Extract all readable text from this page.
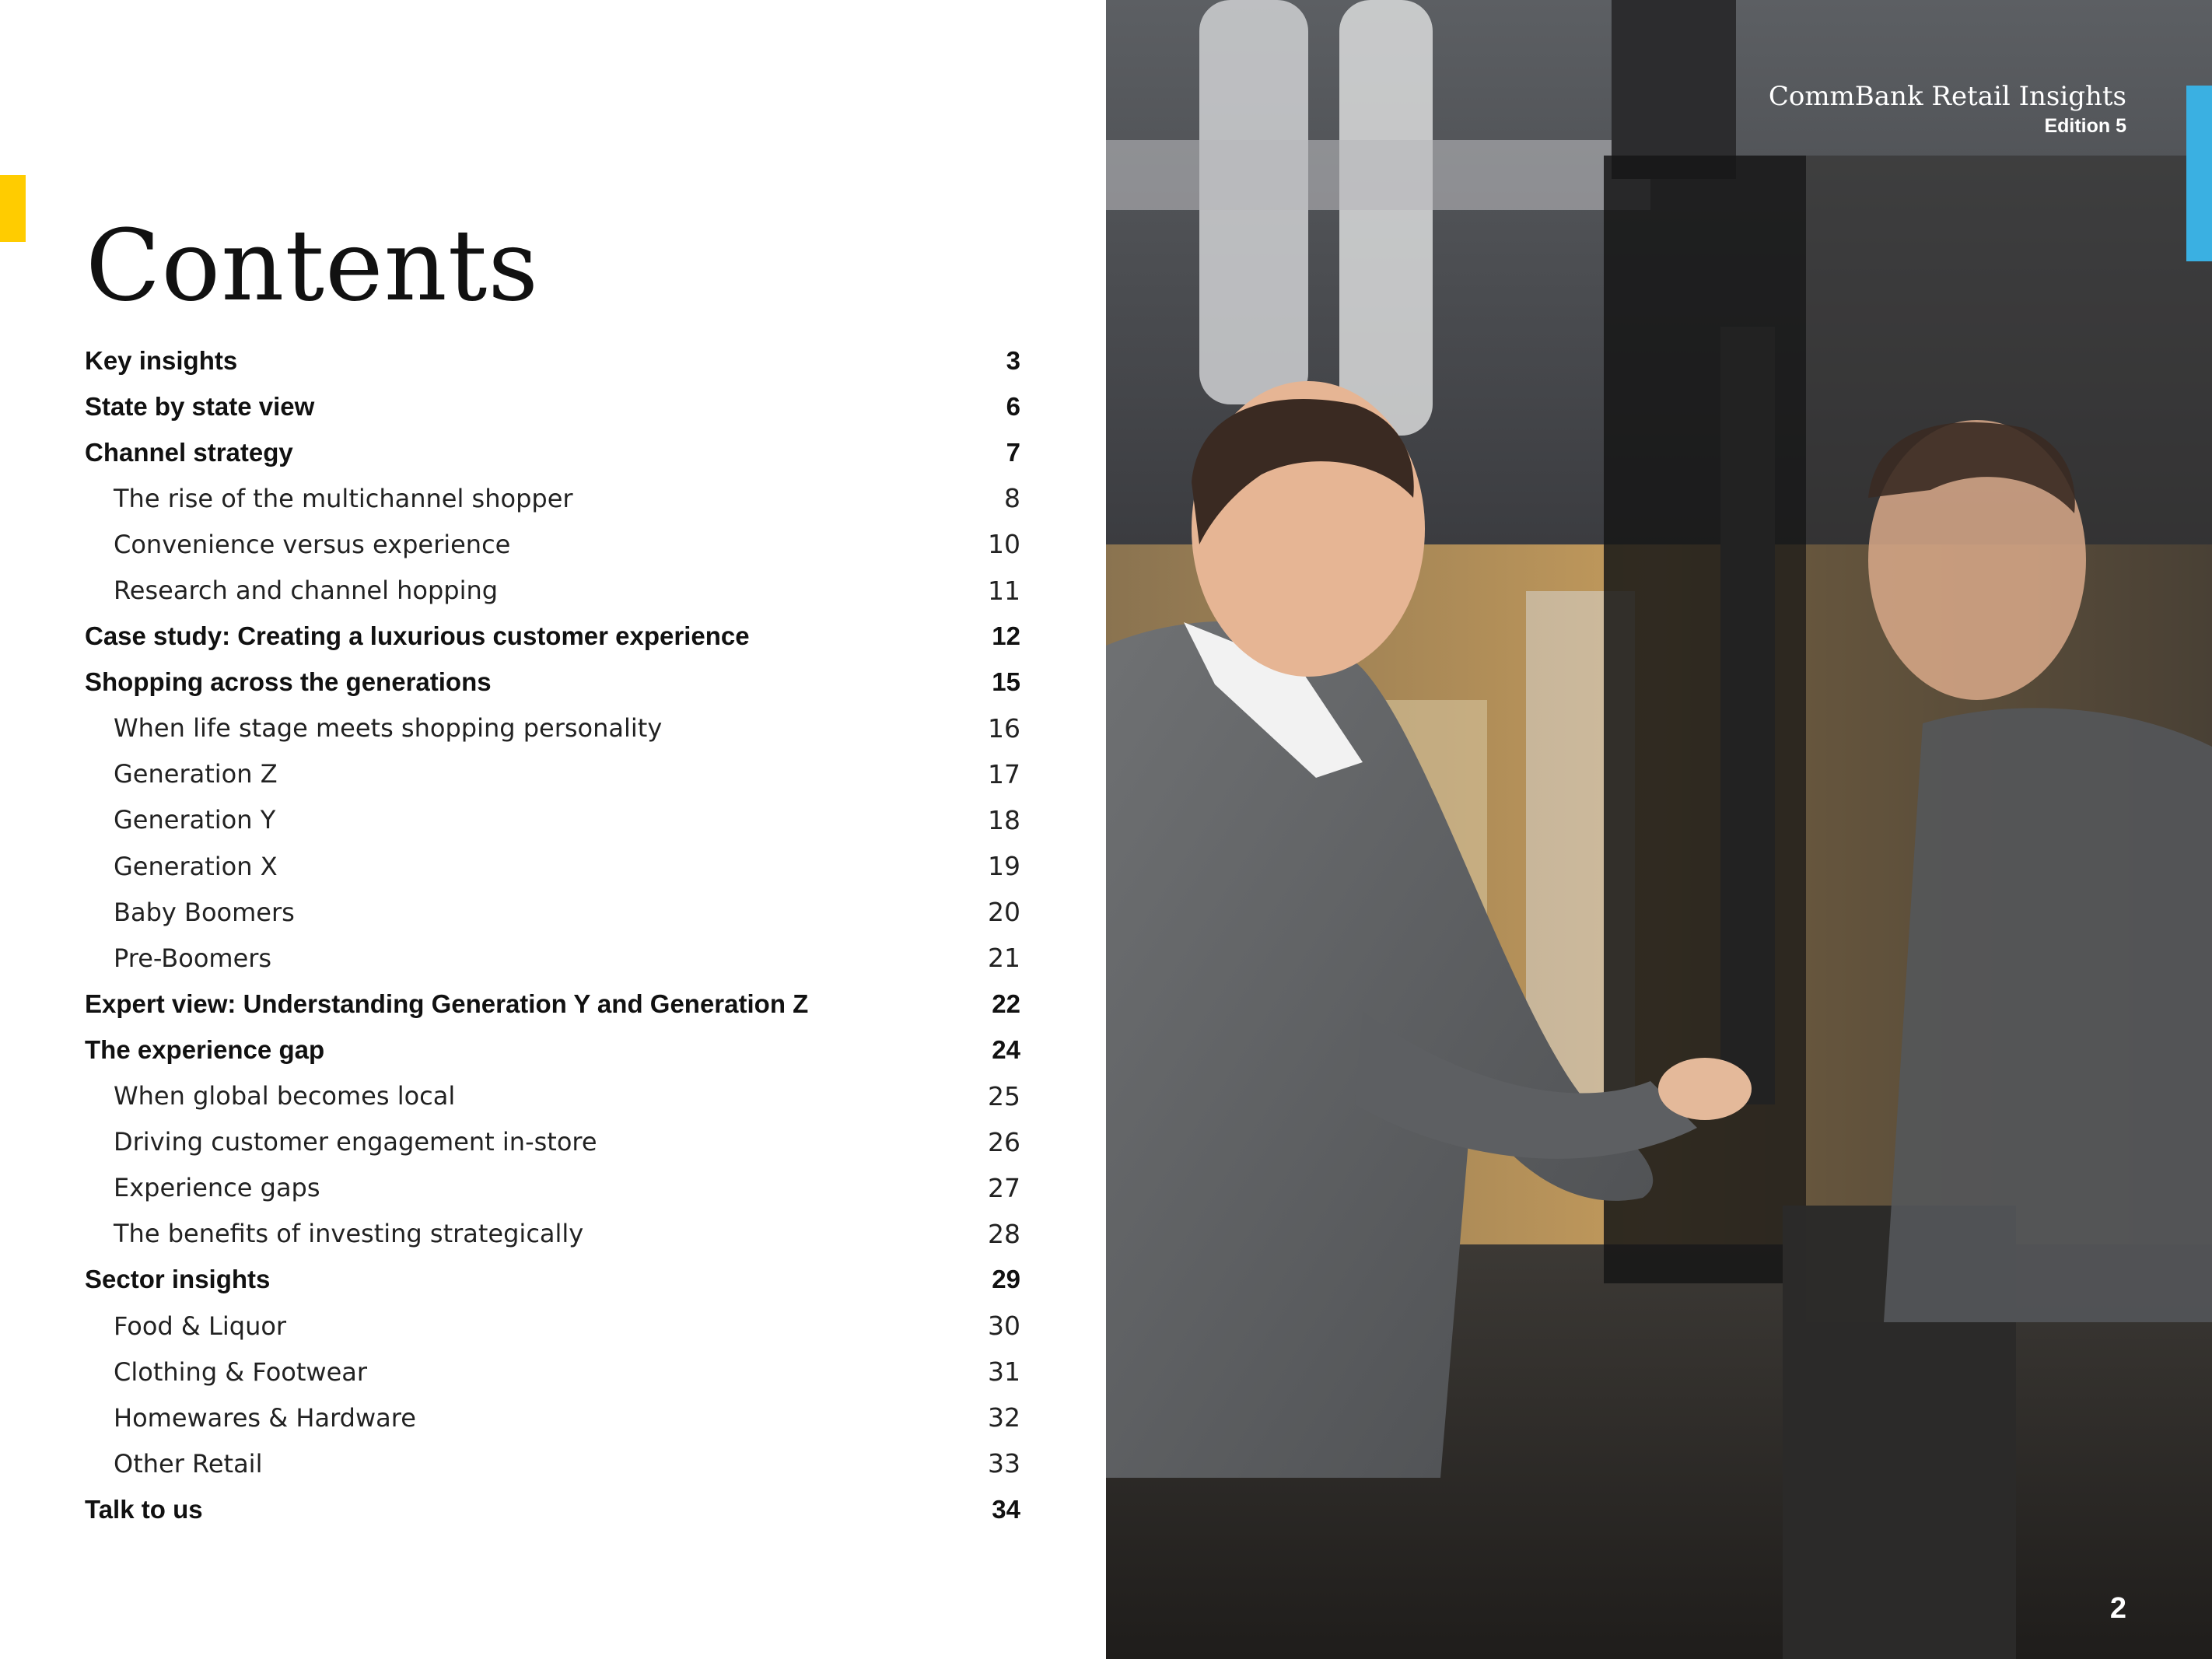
Contents
Key insights	3
State by state view	6
Channel strategy	7
The rise of the multichannel shopper	8
Convenience versus experience	10
Research and channel hopping	11
Case study: Creating a luxurious customer experience	12
Shopping across the generations	15
When life stage meets shopping personality	16
Generation Z	17
Generation Y	18
Generation X	19
Baby Boomers	20
Pre-Boomers	21
Expert view: Understanding Generation Y and Generation Z	22
The experience gap	24
When global becomes local	25
Driving customer engagement in-store	26
Experience gaps	27
The benefits of investing strategically	28
Sector insights	29
Food & Liquor	30
Clothing & Footwear	31
Homewares & Hardware	32
Other Retail	33
Talk to us	34
CommBank Retail Insights
Edition 5
2
